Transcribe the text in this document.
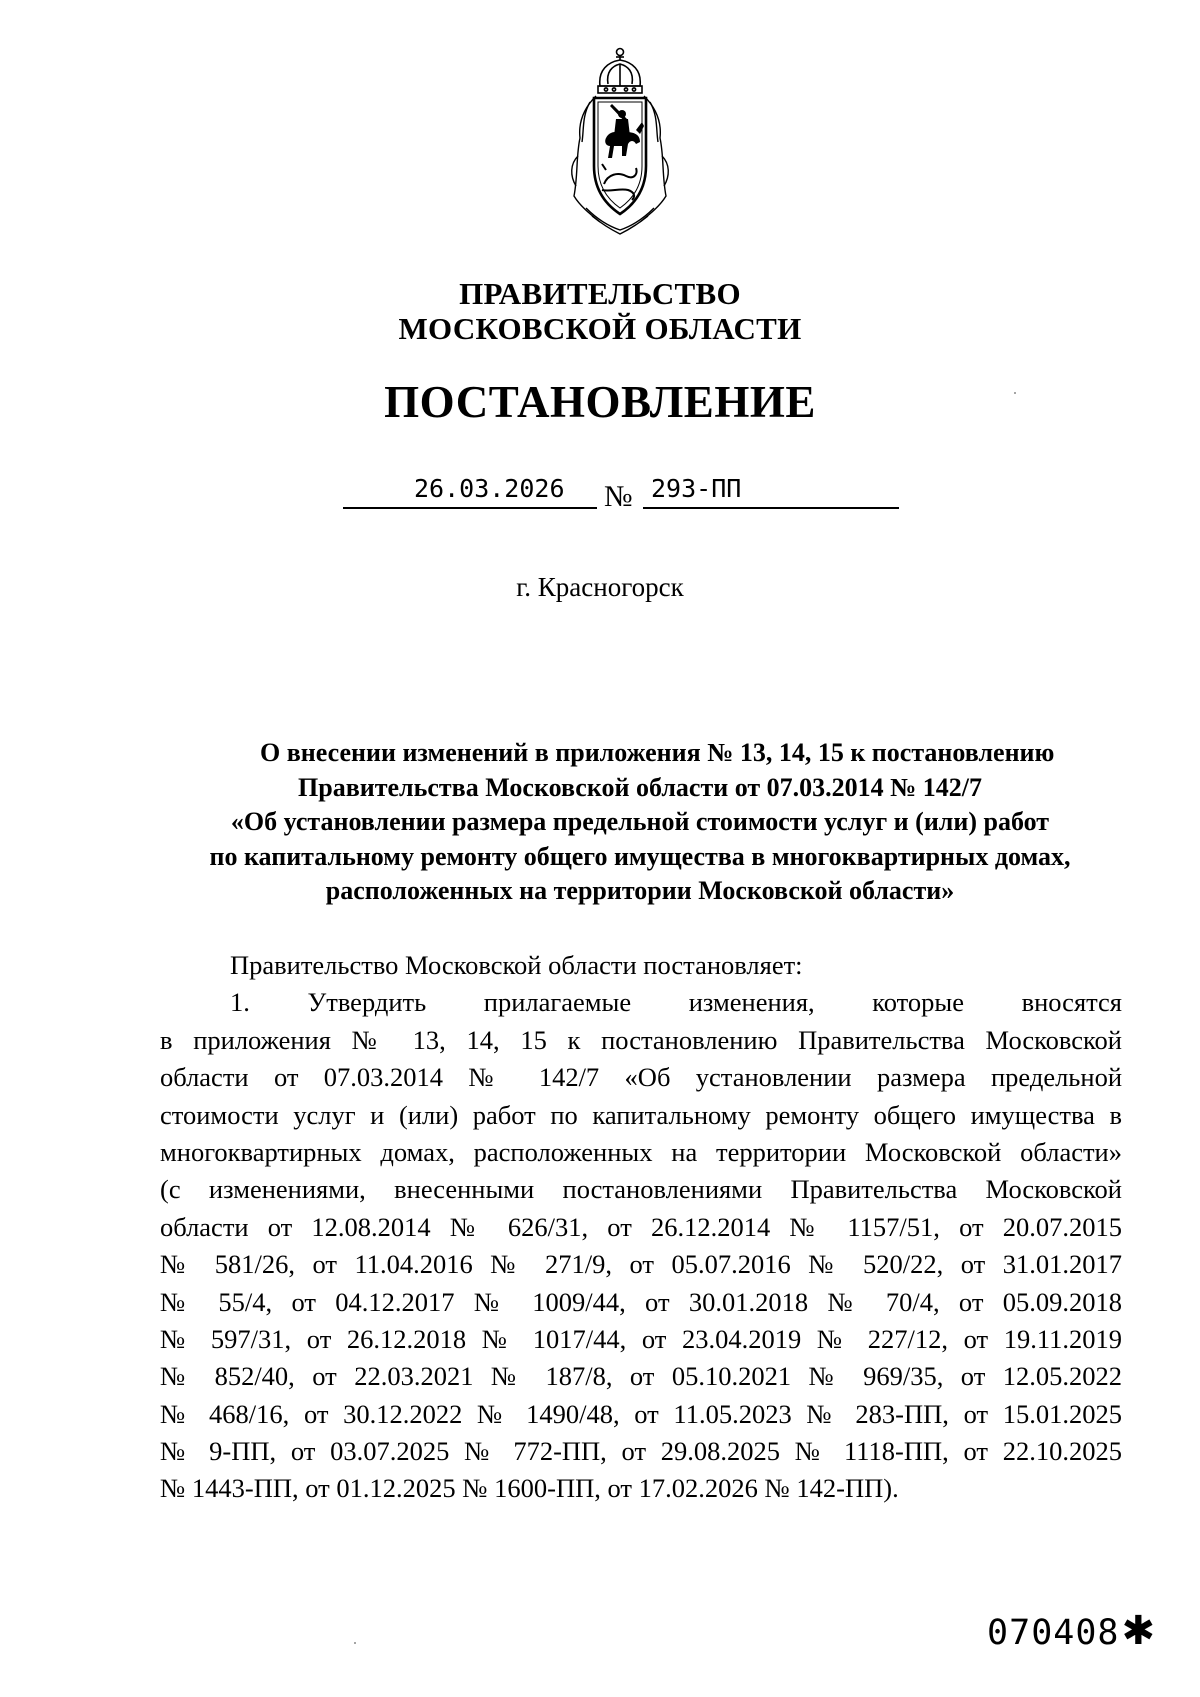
ПРАВИТЕЛЬСТВО
МОСКОВСКОЙ ОБЛАСТИ
ПОСТАНОВЛЕНИЕ
26.03.2026 № 293-ПП
г. Красногорск
О внесении изменений в приложения № 13, 14, 15 к постановлению
Правительства Московской области от 07.03.2014 № 142/7
«Об установлении размера предельной стоимости услуг и (или) работ
по капитальному ремонту общего имущества в многоквартирных домах,
расположенных на территории Московской области»
Правительство Московской области постановляет:
1. Утвердить прилагаемые изменения, которые вносятся
в приложения № 13, 14, 15 к постановлению Правительства Московской
области от 07.03.2014 № 142/7 «Об установлении размера предельной
стоимости услуг и (или) работ по капитальному ремонту общего имущества в
многоквартирных домах, расположенных на территории Московской области»
(с изменениями, внесенными постановлениями Правительства Московской
области от 12.08.2014 № 626/31, от 26.12.2014 № 1157/51, от 20.07.2015
№ 581/26, от 11.04.2016 № 271/9, от 05.07.2016 № 520/22, от 31.01.2017
№ 55/4, от 04.12.2017 № 1009/44, от 30.01.2018 № 70/4, от 05.09.2018
№ 597/31, от 26.12.2018 № 1017/44, от 23.04.2019 № 227/12, от 19.11.2019
№ 852/40, от 22.03.2021 № 187/8, от 05.10.2021 № 969/35, от 12.05.2022
№ 468/16, от 30.12.2022 № 1490/48, от 11.05.2023 № 283-ПП, от 15.01.2025
№ 9-ПП, от 03.07.2025 № 772-ПП, от 29.08.2025 № 1118-ПП, от 22.10.2025
№ 1443-ПП, от 01.12.2025 № 1600-ПП, от 17.02.2026 № 142-ПП).
070408✱
